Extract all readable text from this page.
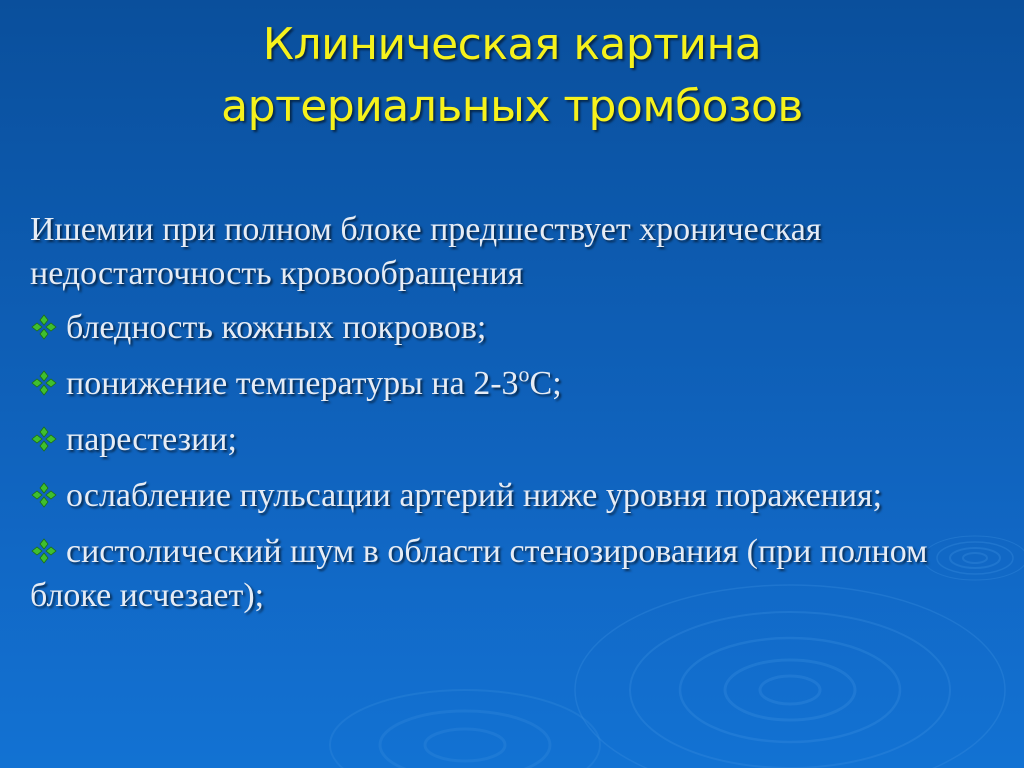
Клиническая картина
артериальных тромбозов
Ишемии при полном блоке предшествует хроническая недостаточность кровообращения
бледность кожных покровов;
понижение температуры на $2-3^оС$;
парестезии;
ослабление пульсации артерий ниже уровня поражения;
систолический шум в области стенозирования (при полном блоке исчезает);
